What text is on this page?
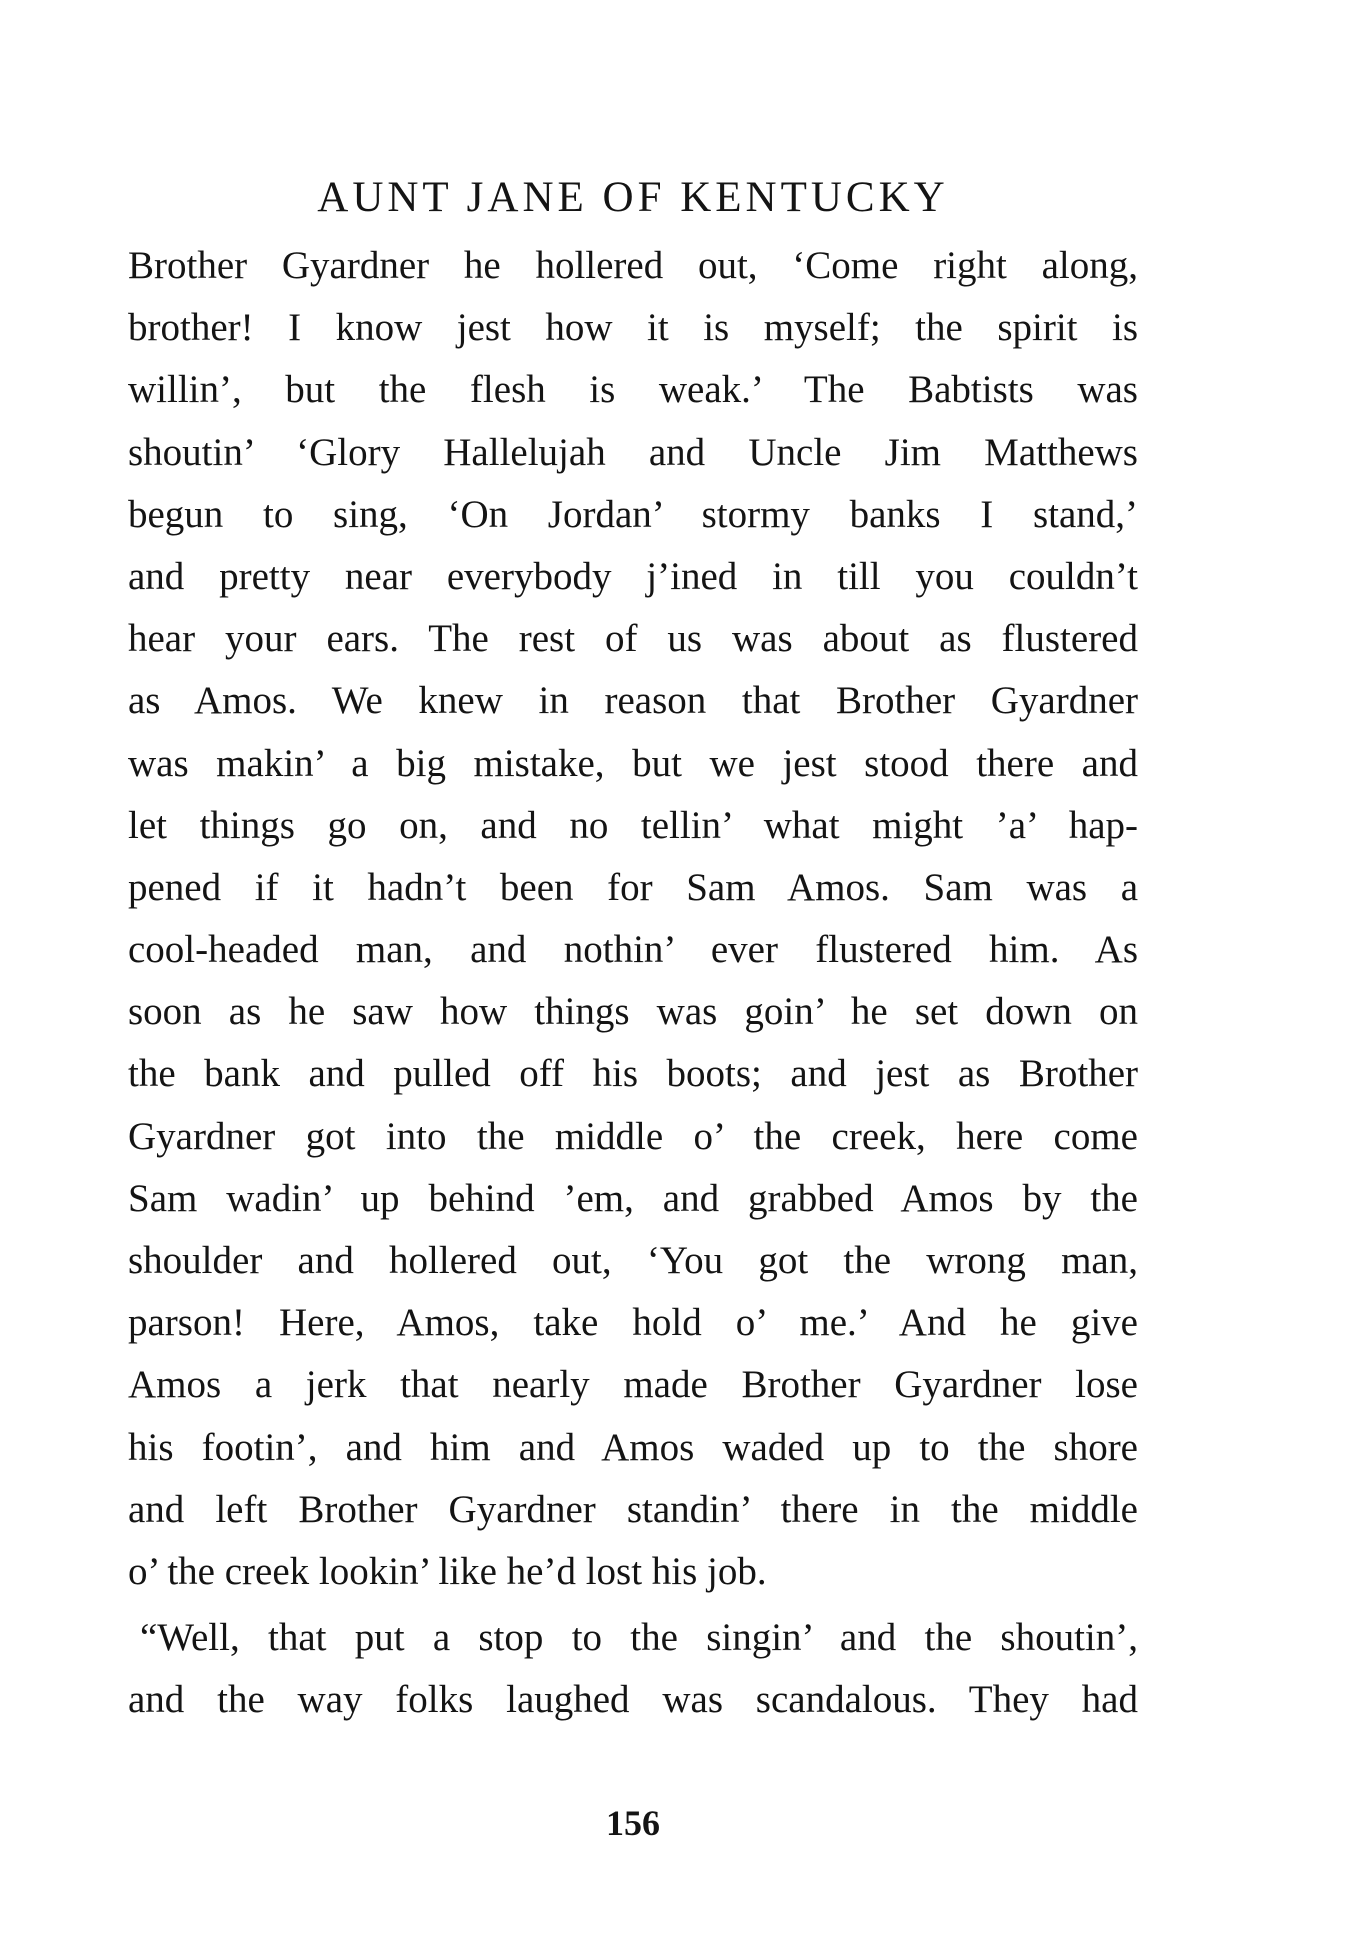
AUNT JANE OF KENTUCKY
Brother Gyardner he hollered out, ‘Come right along,
brother! I know jest how it is myself; the spirit is
willin’, but the flesh is weak.’ The Babtists was
shoutin’ ‘Glory Hallelujah and Uncle Jim Matthews
begun to sing, ‘On Jordan’ stormy banks I stand,’
and pretty near everybody j’ined in till you couldn’t
hear your ears. The rest of us was about as flustered
as Amos. We knew in reason that Brother Gyardner
was makin’ a big mistake, but we jest stood there and
let things go on, and no tellin’ what might ’a’ hap-
pened if it hadn’t been for Sam Amos. Sam was a
cool-headed man, and nothin’ ever flustered him. As
soon as he saw how things was goin’ he set down on
the bank and pulled off his boots; and jest as Brother
Gyardner got into the middle o’ the creek, here come
Sam wadin’ up behind ’em, and grabbed Amos by the
shoulder and hollered out, ‘You got the wrong man,
parson! Here, Amos, take hold o’ me.’ And he give
Amos a jerk that nearly made Brother Gyardner lose
his footin’, and him and Amos waded up to the shore
and left Brother Gyardner standin’ there in the middle
o’ the creek lookin’ like he’d lost his job.
“Well, that put a stop to the singin’ and the shoutin’,
and the way folks laughed was scandalous. They had
156
